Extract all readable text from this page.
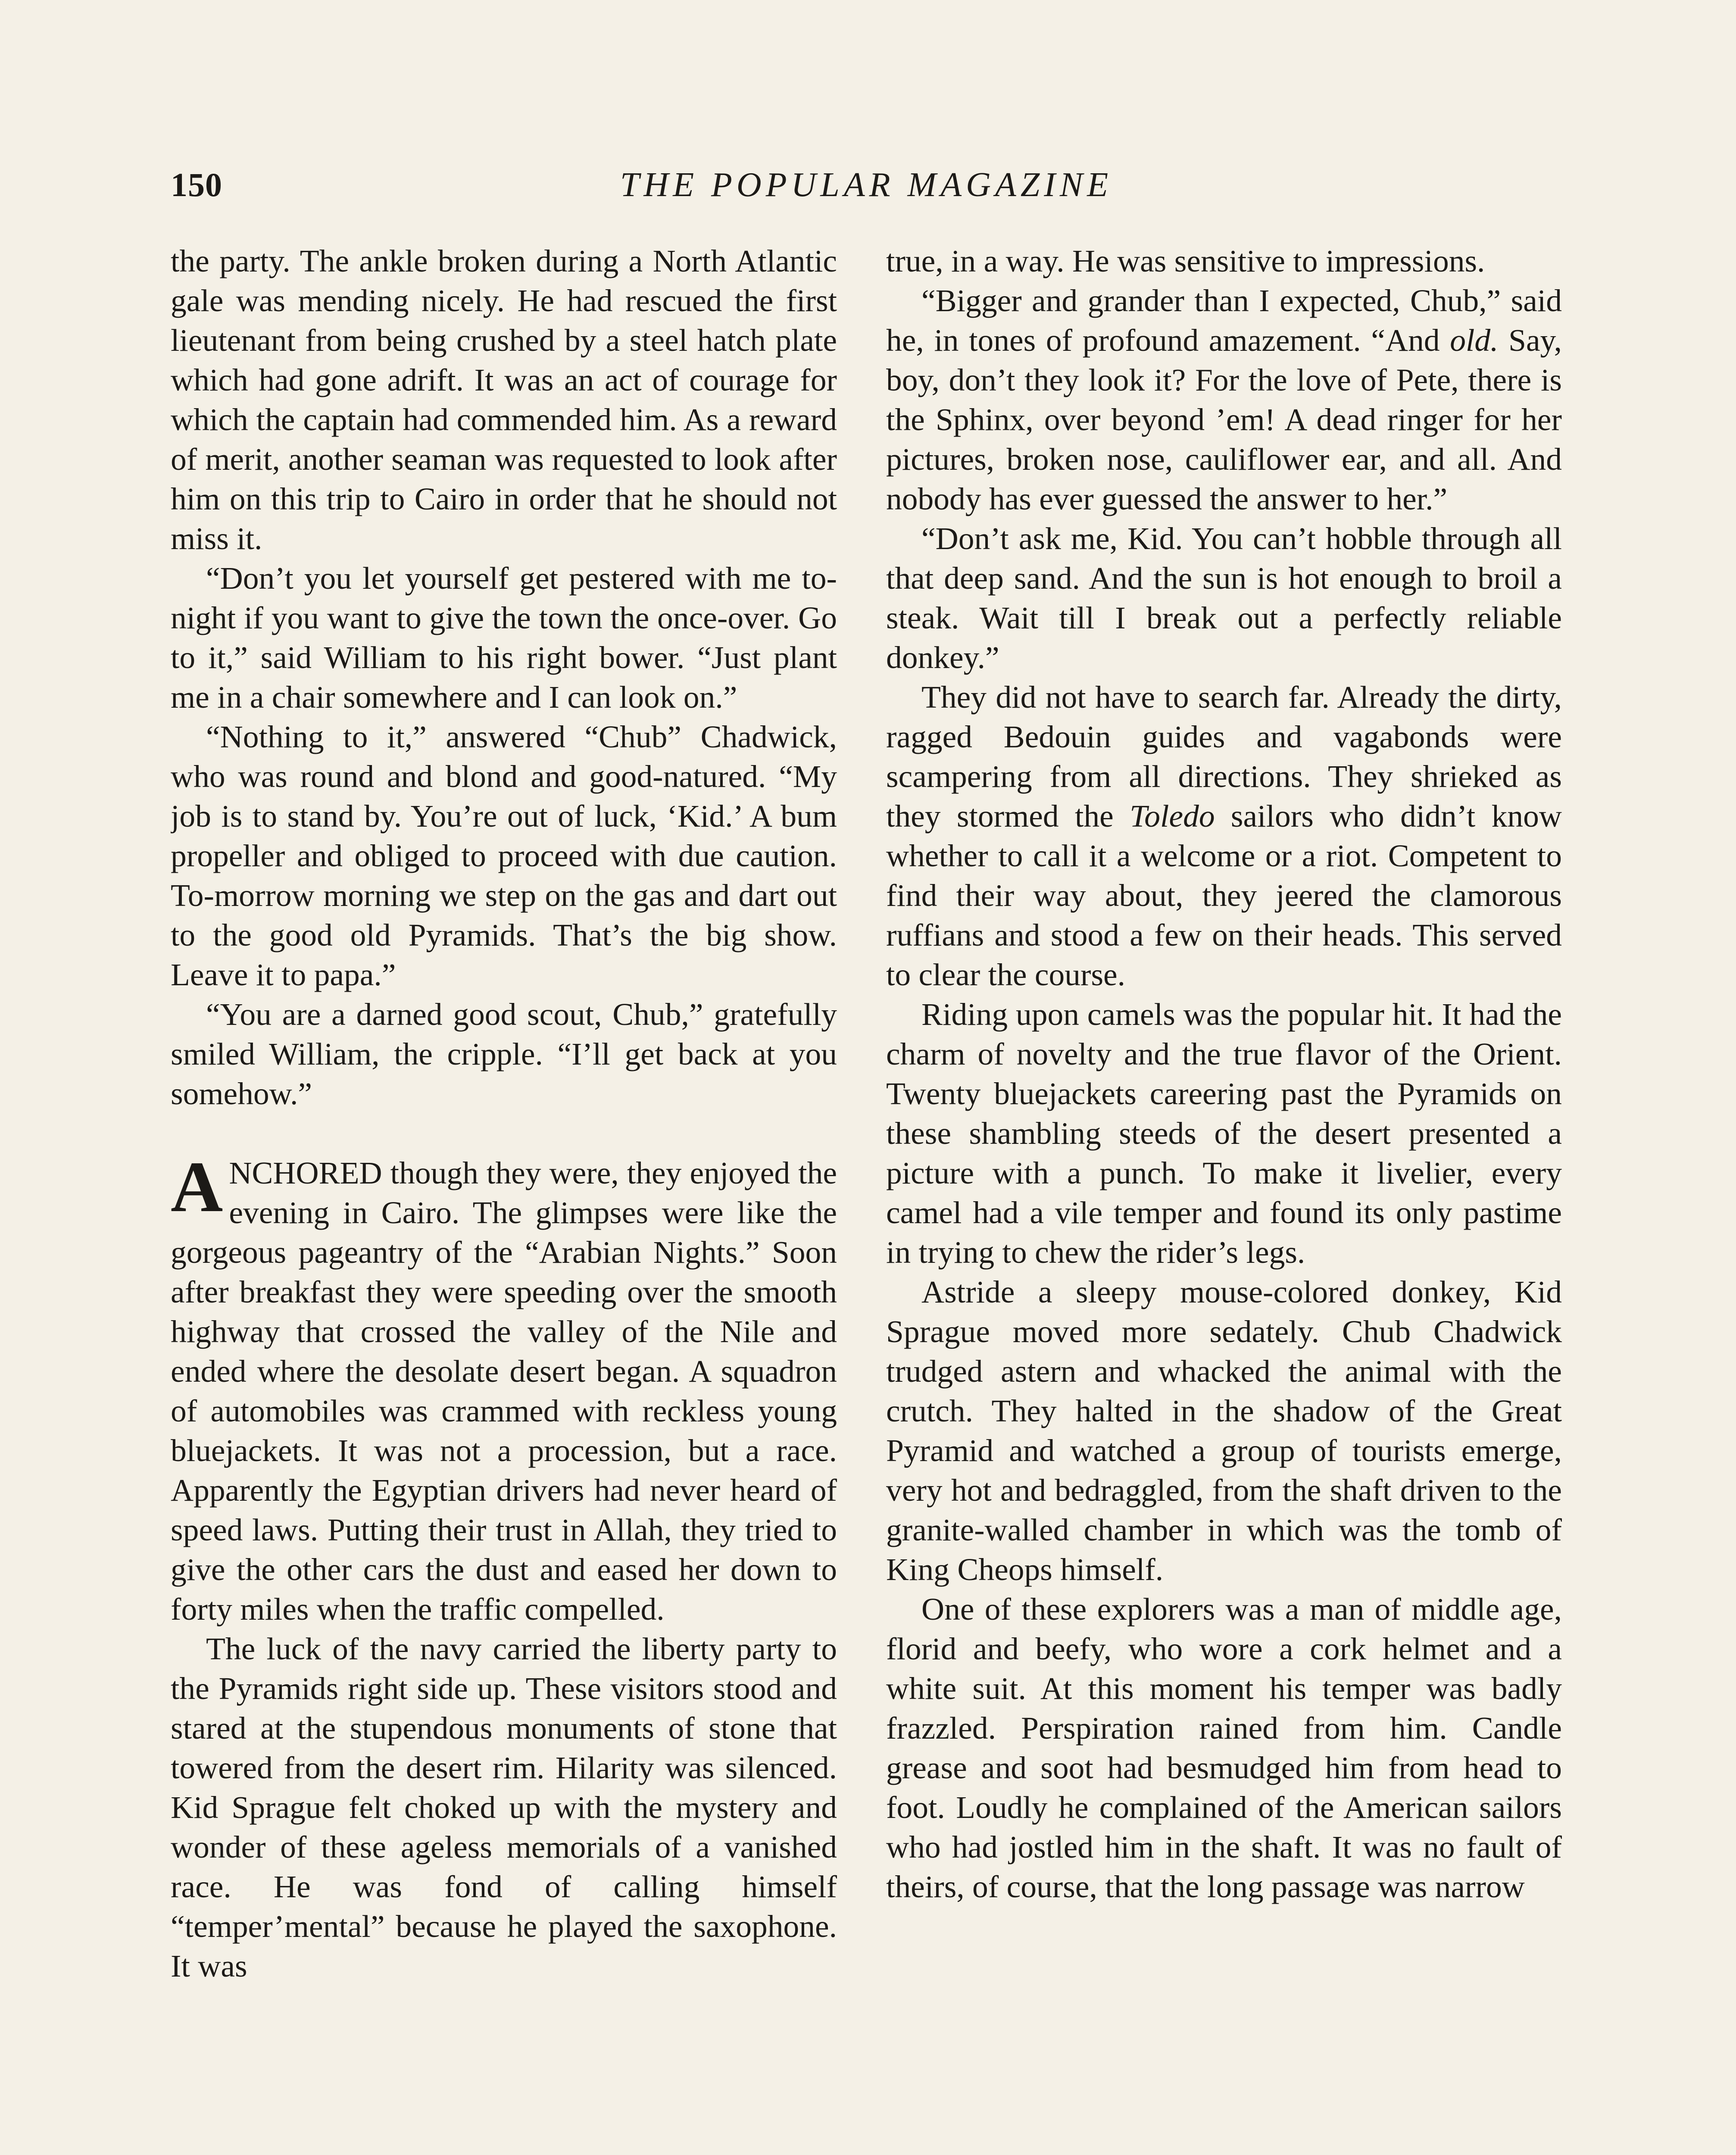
150	THE POPULAR MAGAZINE

the party. The ankle broken during a North Atlantic gale was mending nicely. He had rescued the first lieutenant from being crushed by a steel hatch plate which had gone adrift. It was an act of courage for which the captain had commended him. As a reward of merit, another seaman was requested to look after him on this trip to Cairo in order that he should not miss it.

“Don’t you let yourself get pestered with me to-night if you want to give the town the once-over. Go to it,” said William to his right bower. “Just plant me in a chair somewhere and I can look on.”

“Nothing to it,” answered “Chub” Chadwick, who was round and blond and good-natured. “My job is to stand by. You’re out of luck, ‘Kid.’ A bum propeller and obliged to proceed with due caution. To-morrow morning we step on the gas and dart out to the good old Pyramids. That’s the big show. Leave it to papa.”

“You are a darned good scout, Chub,” gratefully smiled William, the cripple. “I’ll get back at you somehow.”

ANCHORED though they were, they enjoyed the evening in Cairo. The glimpses were like the gorgeous pageantry of the “Arabian Nights.” Soon after breakfast they were speeding over the smooth highway that crossed the valley of the Nile and ended where the desolate desert began. A squadron of automobiles was crammed with reckless young bluejackets. It was not a procession, but a race. Apparently the Egyptian drivers had never heard of speed laws. Putting their trust in Allah, they tried to give the other cars the dust and eased her down to forty miles when the traffic compelled.

The luck of the navy carried the liberty party to the Pyramids right side up. These visitors stood and stared at the stupendous monuments of stone that towered from the desert rim. Hilarity was silenced. Kid Sprague felt choked up with the mystery and wonder of these ageless memorials of a vanished race. He was fond of calling himself “temper’mental” because he played the saxophone. It was

true, in a way. He was sensitive to impressions.

“Bigger and grander than I expected, Chub,” said he, in tones of profound amazement. “And old. Say, boy, don’t they look it? For the love of Pete, there is the Sphinx, over beyond ’em! A dead ringer for her pictures, broken nose, cauliflower ear, and all. And nobody has ever guessed the answer to her.”

“Don’t ask me, Kid. You can’t hobble through all that deep sand. And the sun is hot enough to broil a steak. Wait till I break out a perfectly reliable donkey.”

They did not have to search far. Already the dirty, ragged Bedouin guides and vagabonds were scampering from all directions. They shrieked as they stormed the Toledo sailors who didn’t know whether to call it a welcome or a riot. Competent to find their way about, they jeered the clamorous ruffians and stood a few on their heads. This served to clear the course.

Riding upon camels was the popular hit. It had the charm of novelty and the true flavor of the Orient. Twenty bluejackets careering past the Pyramids on these shambling steeds of the desert presented a picture with a punch. To make it livelier, every camel had a vile temper and found its only pastime in trying to chew the rider’s legs.

Astride a sleepy mouse-colored donkey, Kid Sprague moved more sedately. Chub Chadwick trudged astern and whacked the animal with the crutch. They halted in the shadow of the Great Pyramid and watched a group of tourists emerge, very hot and bedraggled, from the shaft driven to the granite-walled chamber in which was the tomb of King Cheops himself.

One of these explorers was a man of middle age, florid and beefy, who wore a cork helmet and a white suit. At this moment his temper was badly frazzled. Perspiration rained from him. Candle grease and soot had besmudged him from head to foot. Loudly he complained of the American sailors who had jostled him in the shaft. It was no fault of theirs, of course, that the long passage was narrow
